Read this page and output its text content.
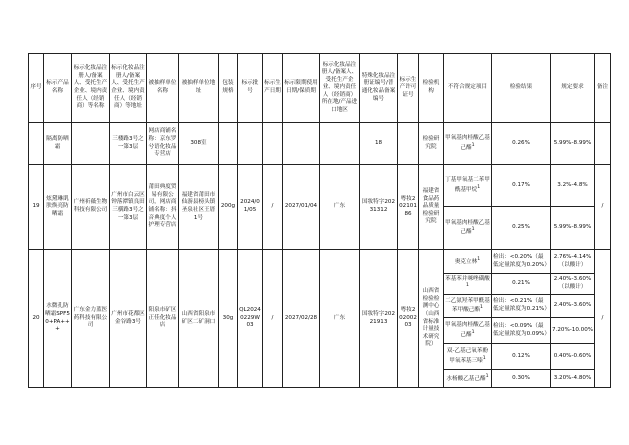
序号	标示产品名称	标示化妆品注册人/备案人、受托生产企业、境内责任人（经销商）等名称	标示化妆品注册人/备案人、受托生产企业、境内责任人（经销商）等地址	被抽样单位名称	被抽样单位地址	包装规格	标示批号	标示生产日期	标示限期使用日期/保质期	标示化妆品注册人/备案人、受托生产企业、境内责任人（经销商）所在地/产品进口地区	特殊化妆品注册证编号/普通化妆品备案编号	标示生产许可证号	检验机构	不符合规定项目	检验结果	规定要求	备注
	隔离防晒霜		三楼路3号之一第3层	网店商铺名称：京东罗兮语化妆品专营店	308室						18		检验研究院	甲氧基肉桂酸乙基己酯$^1$	0.26%	5.99%-8.99%	
19	炫黛琳肌肤焕亮防晒霜	广州祈薇生物科技有限公司	广州市白云区钟落潭镇良田三横路3号之一第3层	莆田典度贸易有限公司，网店商铺名称：抖音典度个人护理专营店	福建省莆田市仙游县榜头镇圣泉社区王厝1号	200g	2024/01/05	/	2027/01/04	广东	国妆特字20231312	粤妆20210186	福建省食品药品质量检验研究院	丁基甲氧基二苯甲酰基甲烷$^1$	0.17%	3.2%-4.8%	/
														甲氧基肉桂酸乙基己酯$^1$	0.25%	5.99%-8.99%	
20	水微孔防晒霜SPF50+PA+++	广东金力蓝医药科技有限公司	广州市花都区金谷路3号	阳泉市矿区正佳化妆品店	山西省阳泉市矿区二矿洞口	30g	QL20240229W03	/	2027/02/28	广东	国妆特字20221913	粤妆20200203	山西省检验检测中心（山西省标准计量技术研究院）	奥克立林$^1$	检出：<0.20%（最低定量浓度为0.20%）	2.76%-4.14%（以酸计）	/
														苯基苯并咪唑磺酸$^1$	0.21%	2.40%-3.60%（以酸计）	
														二乙氨羟苯甲酰基苯甲酸己酯$^1$	检出：<0.21%（最低定量浓度为0.21%）	2.40%-3.60%	
														甲氧基肉桂酸乙基己酯$^1$	检出：<0.09%（最低定量浓度为0.09%）	7.20%-10.00%	
														双-乙基己氧苯酚甲氧苯基三嗪$^1$	0.12%	0.40%-0.60%	
														水杨酸乙基己酯$^1$	0.30%	3.20%-4.80%	
